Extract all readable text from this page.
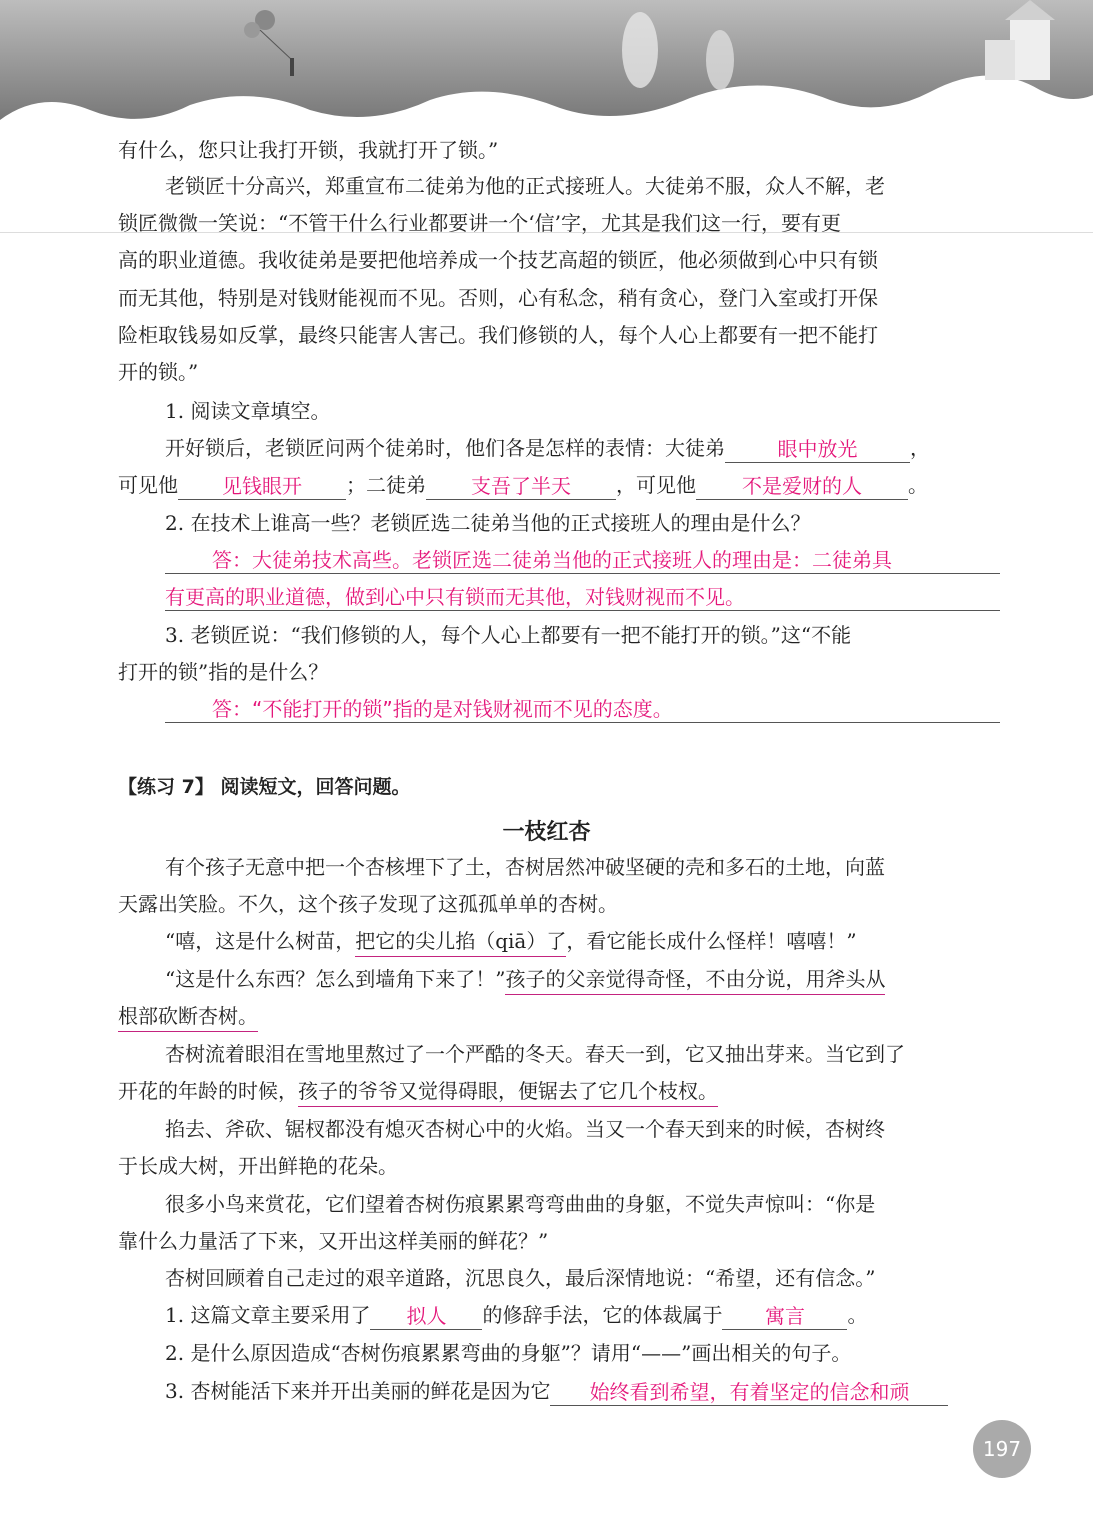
有什么，您只让我打开锁，我就打开了锁。”
老锁匠十分高兴，郑重宣布二徒弟为他的正式接班人。大徒弟不服，众人不解，老
锁匠微微一笑说：“不管干什么行业都要讲一个‘信’字，尤其是我们这一行，要有更
高的职业道德。我收徒弟是要把他培养成一个技艺高超的锁匠，他必须做到心中只有锁
而无其他，特别是对钱财能视而不见。否则，心有私念，稍有贪心，登门入室或打开保
险柜取钱易如反掌，最终只能害人害己。我们修锁的人，每个人心上都要有一把不能打
开的锁。”
1. 阅读文章填空。
开好锁后，老锁匠问两个徒弟时，他们各是怎样的表情：大徒弟	眼中放光	，
可见他 见钱眼开 ；二徒弟 支吾了半天 ，可见他 不是爱财的人 。
2. 在技术上谁高一些？老锁匠选二徒弟当他的正式接班人的理由是什么？
答：大徒弟技术高些。老锁匠选二徒弟当他的正式接班人的理由是：二徒弟具
有更高的职业道德，做到心中只有锁而无其他，对钱财视而不见。
3. 老锁匠说：“我们修锁的人，每个人心上都要有一把不能打开的锁。”这“不能
打开的锁”指的是什么？
答：“不能打开的锁”指的是对钱财视而不见的态度。
【练习 7】 阅读短文，回答问题。
一枝红杏
有个孩子无意中把一个杏核埋下了土，杏树居然冲破坚硬的壳和多石的土地，向蓝
天露出笑脸。不久，这个孩子发现了这孤孤单单的杏树。
“嘻，这是什么树苗，把它的尖儿掐（qiā）了，看它能长成什么怪样！嘻嘻！”
“这是什么东西？怎么到墙角下来了！”孩子的父亲觉得奇怪，不由分说，用斧头从
根部砍断杏树。
杏树流着眼泪在雪地里熬过了一个严酷的冬天。春天一到，它又抽出芽来。当它到了
开花的年龄的时候，孩子的爷爷又觉得碍眼，便锯去了它几个枝杈。
掐去、斧砍、锯杈都没有熄灭杏树心中的火焰。当又一个春天到来的时候，杏树终
于长成大树，开出鲜艳的花朵。
很多小鸟来赏花，它们望着杏树伤痕累累弯弯曲曲的身躯，不觉失声惊叫：“你是
靠什么力量活了下来，又开出这样美丽的鲜花？”
杏树回顾着自己走过的艰辛道路，沉思良久，最后深情地说：“希望，还有信念。”
1. 这篇文章主要采用了 拟人 的修辞手法，它的体裁属于 寓言 。
2. 是什么原因造成“杏树伤痕累累弯曲的身躯”？请用“——”画出相关的句子。
3. 杏树能活下来并开出美丽的鲜花是因为它 始终看到希望，有着坚定的信念和顽
197
